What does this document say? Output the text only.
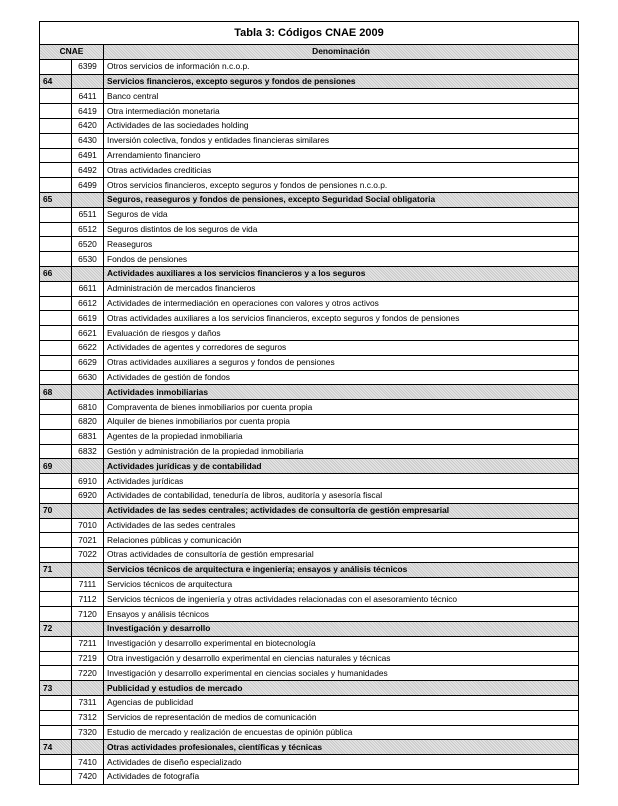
Tabla 3: Códigos CNAE 2009		
CNAE		Denominación
	6399	Otros servicios de información n.c.o.p.
64		Servicios financieros, excepto seguros y fondos de pensiones
	6411	Banco central
	6419	Otra intermediación monetaria
	6420	Actividades de las sociedades holding
	6430	Inversión colectiva, fondos y entidades financieras similares
	6491	Arrendamiento financiero
	6492	Otras actividades crediticias
	6499	Otros servicios financieros, excepto seguros y fondos de pensiones n.c.o.p.
65		Seguros, reaseguros y fondos de pensiones, excepto Seguridad Social obligatoria
	6511	Seguros de vida
	6512	Seguros distintos de los seguros de vida
	6520	Reaseguros
	6530	Fondos de pensiones
66		Actividades auxiliares a los servicios financieros y a los seguros
	6611	Administración de mercados financieros
	6612	Actividades de intermediación en operaciones con valores y otros activos
	6619	Otras actividades auxiliares a los servicios financieros, excepto seguros y fondos de pensiones
	6621	Evaluación de riesgos y daños
	6622	Actividades de agentes y corredores de seguros
	6629	Otras actividades auxiliares a seguros y fondos de pensiones
	6630	Actividades de gestión de fondos
68		Actividades inmobiliarias
	6810	Compraventa de bienes inmobiliarios por cuenta propia
	6820	Alquiler de bienes inmobiliarios por cuenta propia
	6831	Agentes de la propiedad inmobiliaria
	6832	Gestión y administración de la propiedad inmobiliaria
69		Actividades jurídicas y de contabilidad
	6910	Actividades jurídicas
	6920	Actividades de contabilidad, teneduría de libros, auditoría y asesoría fiscal
70		Actividades de las sedes centrales; actividades de consultoría de gestión empresarial
	7010	Actividades de las sedes centrales
	7021	Relaciones públicas y comunicación
	7022	Otras actividades de consultoría de gestión empresarial
71		Servicios técnicos de arquitectura e ingeniería; ensayos y análisis técnicos
	7111	Servicios técnicos de arquitectura
	7112	Servicios técnicos de ingeniería y otras actividades relacionadas con el asesoramiento técnico
	7120	Ensayos y análisis técnicos
72		Investigación y desarrollo
	7211	Investigación y desarrollo experimental en biotecnología
	7219	Otra investigación y desarrollo experimental en ciencias naturales y técnicas
	7220	Investigación y desarrollo experimental en ciencias sociales y humanidades
73		Publicidad y estudios de mercado
	7311	Agencias de publicidad
	7312	Servicios de representación de medios de comunicación
	7320	Estudio de mercado y realización de encuestas de opinión pública
74		Otras actividades profesionales, científicas y técnicas
	7410	Actividades de diseño especializado
	7420	Actividades de fotografía
